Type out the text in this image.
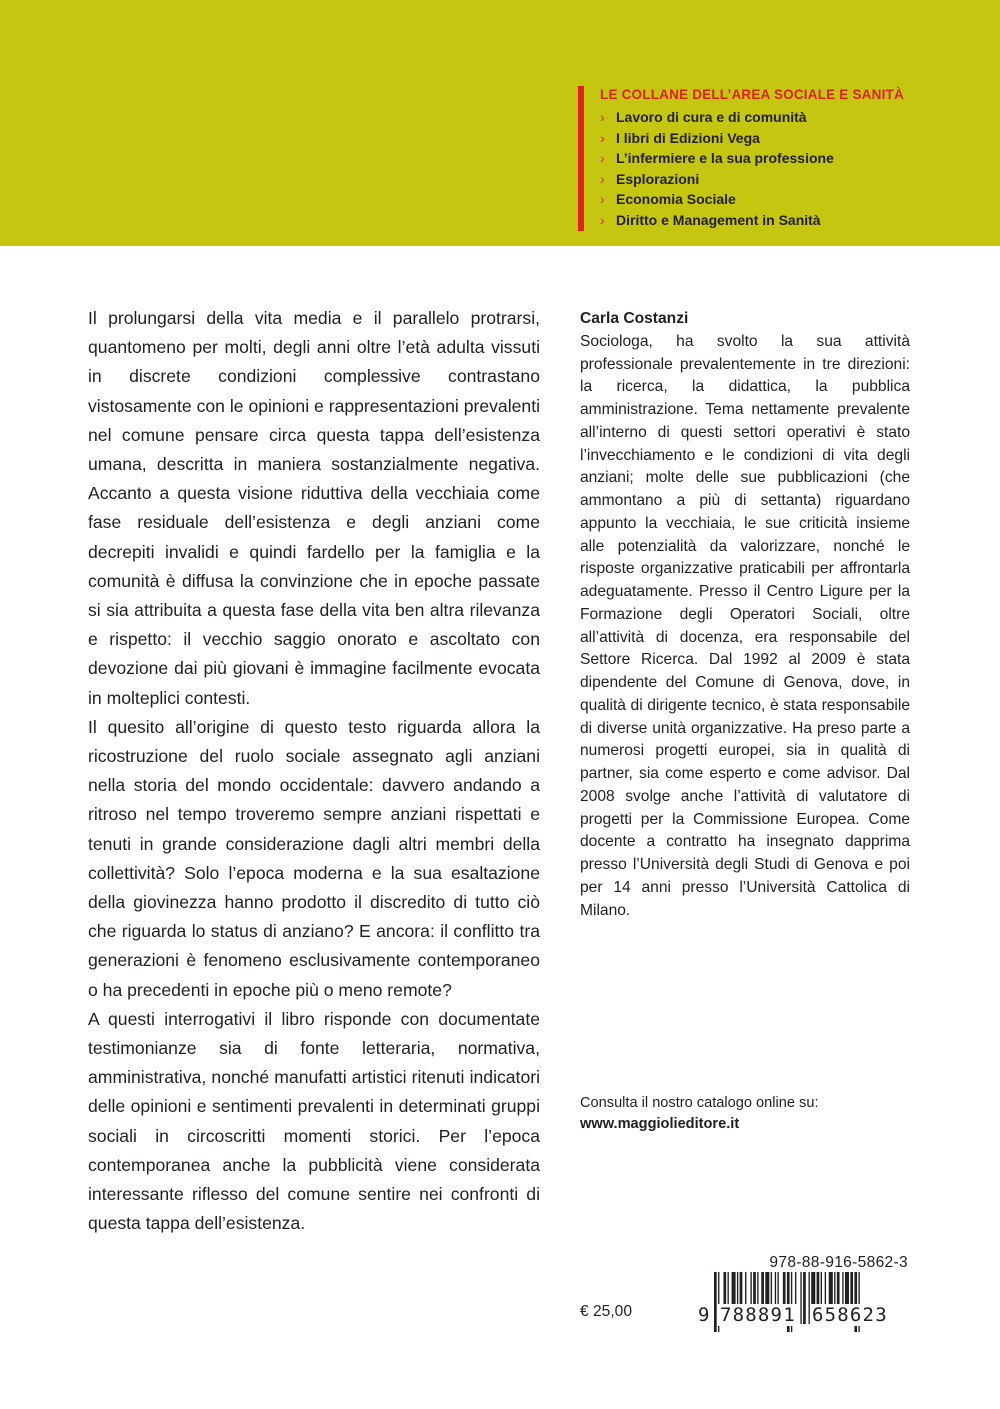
LE COLLANE DELL’AREA SOCIALE E SANITÀ
› Lavoro di cura e di comunità
› I libri di Edizioni Vega
› L’infermiere e la sua professione
› Esplorazioni
› Economia Sociale
› Diritto e Management in Sanità

Il prolungarsi della vita media e il parallelo protrarsi, quantomeno per molti, degli anni oltre l’età adulta vissuti in discrete condizioni complessive contrastano vistosamente con le opinioni e rappresentazioni prevalenti nel comune pensare circa questa tappa dell’esistenza umana, descritta in maniera sostanzialmente negativa. Accanto a questa visione riduttiva della vecchiaia come fase residuale dell’esistenza e degli anziani come decrepiti invalidi e quindi fardello per la famiglia e la comunità è diffusa la convinzione che in epoche passate si sia attribuita a questa fase della vita ben altra rilevanza e rispetto: il vecchio saggio onorato e ascoltato con devozione dai più giovani è immagine facilmente evocata in molteplici contesti.

Il quesito all’origine di questo testo riguarda allora la ricostruzione del ruolo sociale assegnato agli anziani nella storia del mondo occidentale: davvero andando a ritroso nel tempo troveremo sempre anziani rispettati e tenuti in grande considerazione dagli altri membri della collettività? Solo l’epoca moderna e la sua esaltazione della giovinezza hanno prodotto il discredito di tutto ciò che riguarda lo status di anziano? E ancora: il conflitto tra generazioni è fenomeno esclusivamente contemporaneo o ha precedenti in epoche più o meno remote?

A questi interrogativi il libro risponde con documentate testimonianze sia di fonte letteraria, normativa, amministrativa, nonché manufatti artistici ritenuti indicatori delle opinioni e sentimenti prevalenti in determinati gruppi sociali in circoscritti momenti storici. Per l’epoca contemporanea anche la pubblicità viene considerata interessante riflesso del comune sentire nei confronti di questa tappa dell’esistenza.

Carla Costanzi

Sociologa, ha svolto la sua attività professionale prevalentemente in tre direzioni: la ricerca, la didattica, la pubblica amministrazione. Tema nettamente prevalente all’interno di questi settori operativi è stato l’invecchiamento e le condizioni di vita degli anziani; molte delle sue pubblicazioni (che ammontano a più di settanta) riguardano appunto la vecchiaia, le sue criticità insieme alle potenzialità da valorizzare, nonché le risposte organizzative praticabili per affrontarla adeguatamente. Presso il Centro Ligure per la Formazione degli Operatori Sociali, oltre all’attività di docenza, era responsabile del Settore Ricerca. Dal 1992 al 2009 è stata dipendente del Comune di Genova, dove, in qualità di dirigente tecnico, è stata responsabile di diverse unità organizzative. Ha preso parte a numerosi progetti europei, sia in qualità di partner, sia come esperto e come advisor. Dal 2008 svolge anche l’attività di valutatore di progetti per la Commissione Europea. Come docente a contratto ha insegnato dapprima presso l’Università degli Studi di Genova e poi per 14 anni presso l’Università Cattolica di Milano.

Consulta il nostro catalogo online su:
www.maggiolieditore.it
978-88-916-5862-3
9 788891 658623
€ 25,00
